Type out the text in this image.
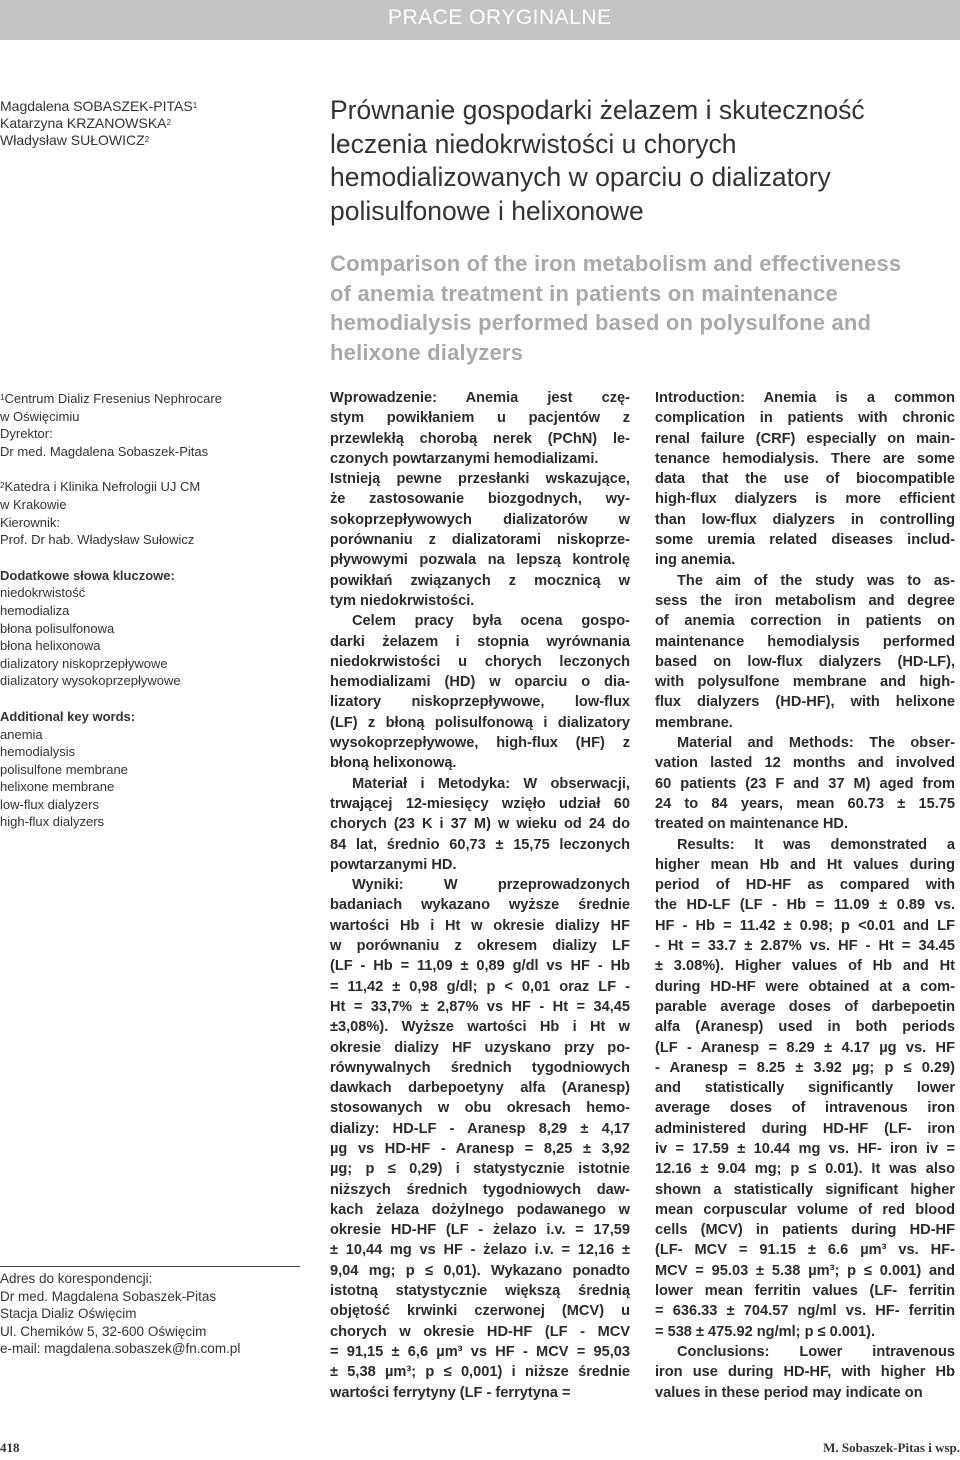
PRACE ORYGINALNE
Magdalena SOBASZEK-PITAS$^1$
Katarzyna KRZANOWSKA$^2$
Władysław SUŁOWICZ$^2$
Prównanie gospodarki żelazem i skuteczność
leczenia niedokrwistości u chorych
hemodializowanych w oparciu o dializatory
polisulfonowe i helixonowe
Comparison of the iron metabolism and effectiveness
of anemia treatment in patients on maintenance
hemodialysis performed based on polysulfone and
helixone dialyzers
$^1$Centrum Dializ Fresenius Nephrocare
w Oświęcimiu
Dyrektor:
Dr med. Magdalena Sobaszek-Pitas
$^2$Katedra i Klinika Nefrologii UJ CM
w Krakowie
Kierownik:
Prof. Dr hab. Władysław Sułowicz
Dodatkowe słowa kluczowe:
niedokrwistość
hemodializa
błona polisulfonowa
błona helixonowa
dializatory niskoprzepływowe
dializatory wysokoprzepływowe
Additional key words:
anemia
hemodialysis
polisulfone membrane
helixone membrane
low-flux dialyzers
high-flux dialyzers
Adres do korespondencji:
Dr med. Magdalena Sobaszek-Pitas
Stacja Dializ Oświęcim
Ul. Chemików 5, 32-600 Oświęcim
e-mail: magdalena.sobaszek@fn.com.pl
Wprowadzenie: Anemia jest czę-
stym powikłaniem u pacjentów z
przewlekłą chorobą nerek (PChN) le-
czonych powtarzanymi hemodializami.
Istnieją pewne przesłanki wskazujące,
że zastosowanie biozgodnych, wy-
sokoprzepływowych dializatorów w
porównaniu z dializatorami niskoprze-
pływowymi pozwala na lepszą kontrolę
powikłań związanych z mocznicą w
tym niedokrwistości.
Celem pracy była ocena gospo-
darki żelazem i stopnia wyrównania
niedokrwistości u chorych leczonych
hemodializami (HD) w oparciu o dia-
lizatory niskoprzepływowe, low-flux
(LF) z błoną polisulfonową i dializatory
wysokoprzepływowe, high-flux (HF) z
błoną helixonową.
Materiał i Metodyka: W obserwacji,
trwającej 12-miesięcy wzięło udział 60
chorych (23 K i 37 M) w wieku od 24 do
84 lat, średnio 60,73 ± 15,75 leczonych
powtarzanymi HD.
Wyniki: W przeprowadzonych
badaniach wykazano wyższe średnie
wartości Hb i Ht w okresie dializy HF
w porównaniu z okresem dializy LF
(LF - Hb = 11,09 ± 0,89 g/dl vs HF - Hb
= 11,42 ± 0,98 g/dl; p < 0,01 oraz LF -
Ht = 33,7% ± 2,87% vs HF - Ht = 34,45
±3,08%). Wyższe wartości Hb i Ht w
okresie dializy HF uzyskano przy po-
równywalnych średnich tygodniowych
dawkach darbepoetyny alfa (Aranesp)
stosowanych w obu okresach hemo-
dializy: HD-LF - Aranesp 8,29 ± 4,17
µg vs HD-HF - Aranesp = 8,25 ± 3,92
µg; p ≤ 0,29) i statystycznie istotnie
niższych średnich tygodniowych daw-
kach żelaza dożylnego podawanego w
okresie HD-HF (LF - żelazo i.v. = 17,59
± 10,44 mg vs HF - żelazo i.v. = 12,16 ±
9,04 mg; p ≤ 0,01). Wykazano ponadto
istotną statystycznie większą średnią
objętość krwinki czerwonej (MCV) u
chorych w okresie HD-HF (LF - MCV
= 91,15 ± 6,6 µm³ vs HF - MCV = 95,03
± 5,38 µm³; p ≤ 0,001) i niższe średnie
wartości ferrytyny (LF - ferrytyna =
Introduction: Anemia is a common
complication in patients with chronic
renal failure (CRF) especially on main-
tenance hemodialysis. There are some
data that the use of biocompatible
high-flux dialyzers is more efficient
than low-flux dialyzers in controlling
some uremia related diseases includ-
ing anemia.
The aim of the study was to as-
sess the iron metabolism and degree
of anemia correction in patients on
maintenance hemodialysis performed
based on low-flux dialyzers (HD-LF),
with polysulfone membrane and high-
flux dialyzers (HD-HF), with helixone
membrane.
Material and Methods: The obser-
vation lasted 12 months and involved
60 patients (23 F and 37 M) aged from
24 to 84 years, mean 60.73 ± 15.75
treated on maintenance HD.
Results: It was demonstrated a
higher mean Hb and Ht values during
period of HD-HF as compared with
the HD-LF (LF - Hb = 11.09 ± 0.89 vs.
HF - Hb = 11.42 ± 0.98; p <0.01 and LF
- Ht = 33.7 ± 2.87% vs. HF - Ht = 34.45
± 3.08%). Higher values of Hb and Ht
during HD-HF were obtained at a com-
parable average doses of darbepoetin
alfa (Aranesp) used in both periods
(LF - Aranesp = 8.29 ± 4.17 µg vs. HF
- Aranesp = 8.25 ± 3.92 µg; p ≤ 0.29)
and statistically significantly lower
average doses of intravenous iron
administered during HD-HF (LF- iron
iv = 17.59 ± 10.44 mg vs. HF- iron iv =
12.16 ± 9.04 mg; p ≤ 0.01). It was also
shown a statistically significant higher
mean corpuscular volume of red blood
cells (MCV) in patients during HD-HF
(LF- MCV = 91.15 ± 6.6 µm³ vs. HF-
MCV = 95.03 ± 5.38 µm³; p ≤ 0.001) and
lower mean ferritin values (LF- ferritin
= 636.33 ± 704.57 ng/ml vs. HF- ferritin
= 538 ± 475.92 ng/ml; p ≤ 0.001).
Conclusions: Lower intravenous
iron use during HD-HF, with higher Hb
values in these period may indicate on
418	M. Sobaszek-Pitas i wsp.
